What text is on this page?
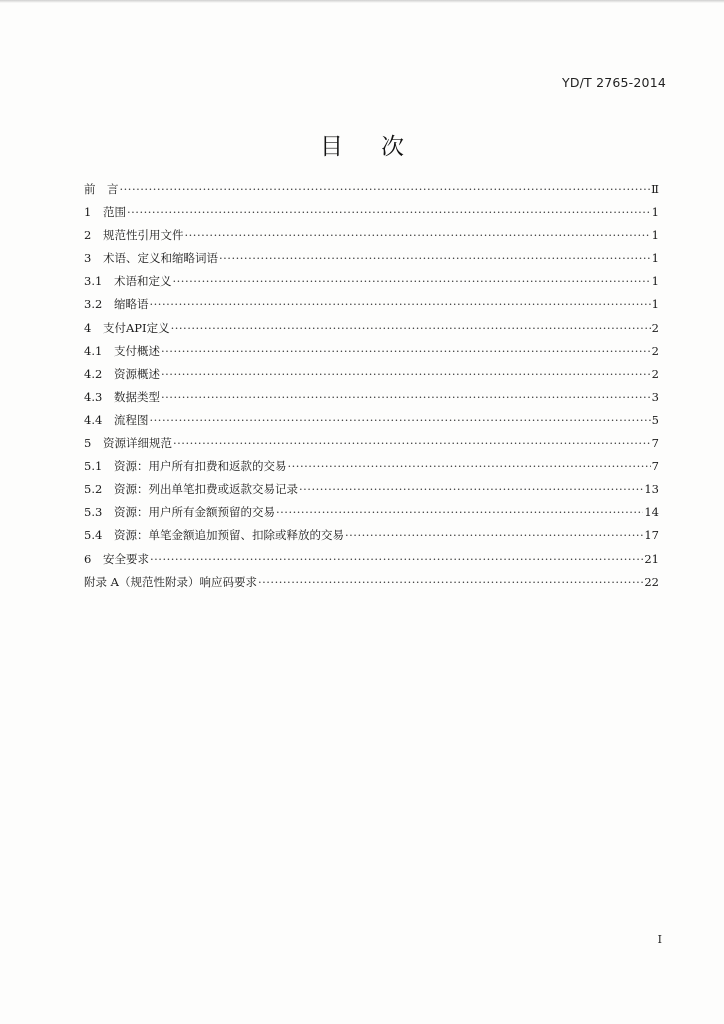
YD/T 2765-2014
目 次
前　言 ·····	Ⅱ
1	范围 ·····	1
2	规范性引用文件 ·····	1
3	术语、定义和缩略词语 ·····	1
3.1	术语和定义 ·····	1
3.2	缩略语 ·····	1
4	支付API定义 ·····	2
4.1	支付概述 ·····	2
4.2	资源概述 ·····	2
4.3	数据类型 ·····	3
4.4	流程图 ·····	5
5	资源详细规范 ·····	7
5.1	资源：用户所有扣费和返款的交易 ·····	7
5.2	资源：列出单笔扣费或返款交易记录 ·····	13
5.3	资源：用户所有金额预留的交易 ·····	14
5.4	资源：单笔金额追加预留、扣除或释放的交易 ·····	17
6	安全要求 ·····	21
附录 A（规范性附录）响应码要求 ·····	22
I
